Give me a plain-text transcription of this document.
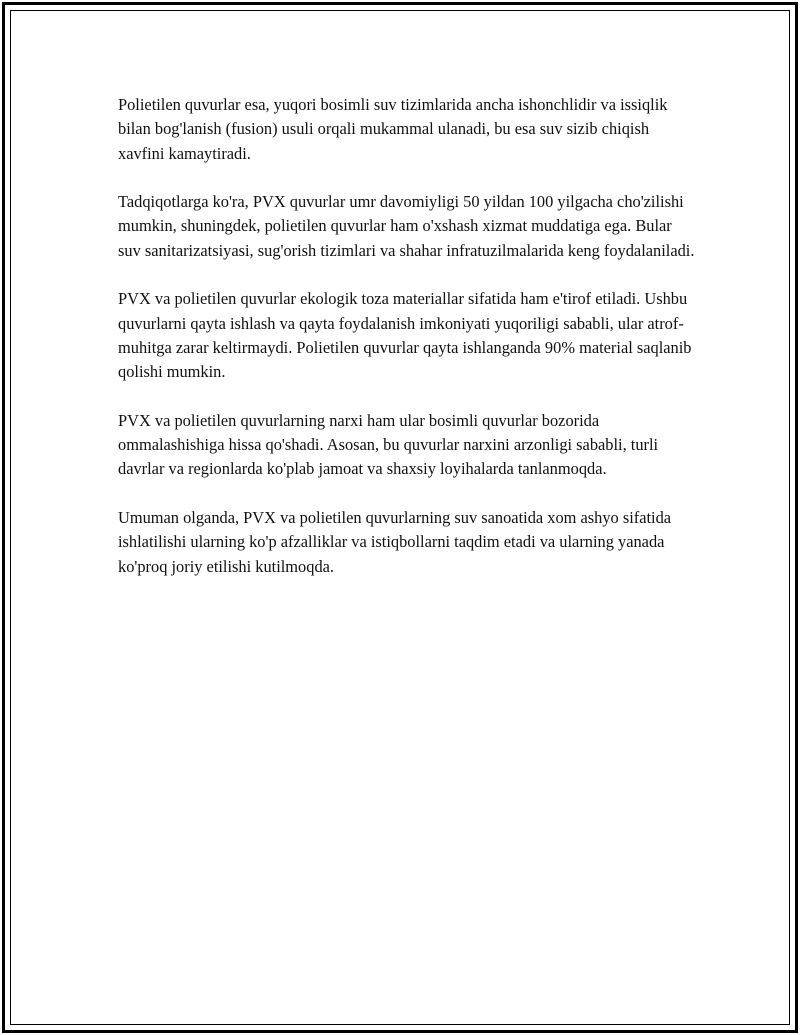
Polietilen quvurlar esa, yuqori bosimli suv tizimlarida ancha ishonchlidir va issiqlik bilan bog'lanish (fusion) usuli orqali mukammal ulanadi, bu esa suv sizib chiqish xavfini kamaytiradi.

Tadqiqotlarga ko'ra, PVX quvurlar umr davomiyligi 50 yildan 100 yilgacha cho'zilishi mumkin, shuningdek, polietilen quvurlar ham o'xshash xizmat muddatiga ega. Bular suv sanitarizatsiyasi, sug'orish tizimlari va shahar infratuzilmalarida keng foydalaniladi.

PVX va polietilen quvurlar ekologik toza materiallar sifatida ham e'tirof etiladi. Ushbu quvurlarni qayta ishlash va qayta foydalanish imkoniyati yuqoriligi sababli, ular atrof-muhitga zarar keltirmaydi. Polietilen quvurlar qayta ishlanganda 90% material saqlanib qolishi mumkin.

PVX va polietilen quvurlarning narxi ham ular bosimli quvurlar bozorida ommalashishiga hissa qo'shadi. Asosan, bu quvurlar narxini arzonligi sababli, turli davrlar va regionlarda ko'plab jamoat va shaxsiy loyihalarda tanlanmoqda.

Umuman olganda, PVX va polietilen quvurlarning suv sanoatida xom ashyo sifatida ishlatilishi ularning ko'p afzalliklar va istiqbollarni taqdim etadi va ularning yanada ko'proq joriy etilishi kutilmoqda.
